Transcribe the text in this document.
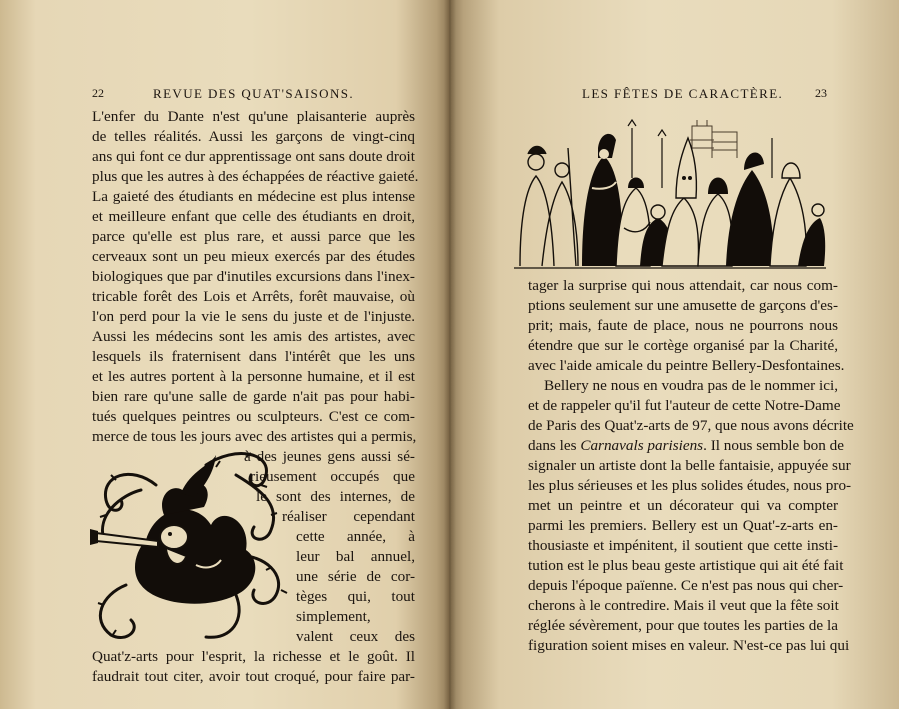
22	REVUE DES QUAT'SAISONS.
L'enfer du Dante n'est qu'une plaisanterie auprès
de telles réalités. Aussi les garçons de vingt-cinq
ans qui font ce dur apprentissage ont sans doute droit
plus que les autres à des échappées de réactive gaieté.
La gaieté des étudiants en médecine est plus intense
et meilleure enfant que celle des étudiants en droit,
parce qu'elle est plus rare, et aussi parce que les
cerveaux sont un peu mieux exercés par des études
biologiques que par d'inutiles excursions dans l'inex-
tricable forêt des Lois et Arrêts, forêt mauvaise, où
l'on perd pour la vie le sens du juste et de l'injuste.
Aussi les médecins sont les amis des artistes, avec
lesquels ils fraternisent dans l'intérêt que les uns
et les autres portent à la personne humaine, et il est
bien rare qu'une salle de garde n'ait pas pour habi-
tués quelques peintres ou sculpteurs. C'est ce com-
merce de tous les jours avec des artistes qui a permis,
à des jeunes gens aussi sé-
rieusement occupés que
le sont des internes, de
réaliser cependant
cette année, à
leur bal annuel,
une série de cor-
tèges qui, tout
simplement,
valent ceux des
Quat'z-arts pour l'esprit, la richesse et le goût. Il
faudrait tout citer, avoir tout croqué, pour faire par-
LES FÊTES DE CARACTÈRE.	23
tager la surprise qui nous attendait, car nous com-
ptions seulement sur une amusette de garçons d'es-
prit; mais, faute de place, nous ne pourrons nous
étendre que sur le cortège organisé par la Charité,
avec l'aide amicale du peintre Bellery-Desfontaines.
Bellery ne nous en voudra pas de le nommer ici,
et de rappeler qu'il fut l'auteur de cette Notre-Dame
de Paris des Quat'z-arts de 97, que nous avons décrite
dans les Carnavals parisiens. Il nous semble bon de
signaler un artiste dont la belle fantaisie, appuyée sur
les plus sérieuses et les plus solides études, nous pro-
met un peintre et un décorateur qui va compter
parmi les premiers. Bellery est un Quat'-z-arts en-
thousiaste et impénitent, il soutient que cette insti-
tution est le plus beau geste artistique qui ait été fait
depuis l'époque païenne. Ce n'est pas nous qui cher-
cherons à le contredire. Mais il veut que la fête soit
réglée sévèrement, pour que toutes les parties de la
figuration soient mises en valeur. N'est-ce pas lui qui
